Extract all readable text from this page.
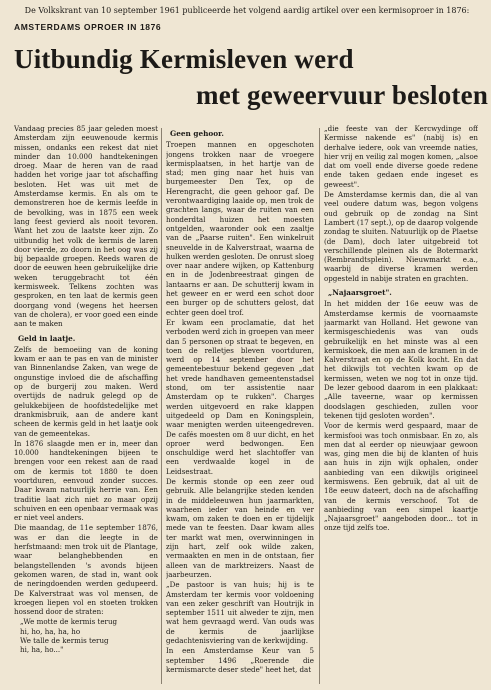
De Volkskrant van 10 september 1961 publiceerde het volgend aardig artikel over een kermisoproer in 1876:
AMSTERDAMS OPROER IN 1876
Uitbundig Kermisleven werd
met geweervuur besloten

Vandaag precies 85 jaar geleden moest Amsterdam zijn eeuwenoude kermis missen, ondanks een rekest dat niet minder dan 10.000 handtekeningen droeg. Maar de heren van de raad hadden het vorige jaar tot afschaffing besloten. Het was uit met de Amsterdamse kermis. En als om te demonstreren hoe de kermis leefde in de bevolking, was in 1875 een week lang feest gevierd als nooit tevoren. Want het zou de laatste keer zijn. Zo uitbundig het volk de kermis de laren door vierde, zo doorn in het oog was zij bij bepaalde groepen. Reeds waren de door de eeuwen heen gebruikelijke drie weken teruggebracht tot één kermisweek. Telkens zochten was gesproken, en ten laat de kermis geen doorgang vond (wegens het heersen van de cholera), er voor goed een einde aan te maken

Geld in laatje.

Zelfs de bemoeiing van de koning kwam er aan te pas en van de minister van Binnenlandse Zaken, van wege de ongunstige invloed die de afschaffing op de burgerij zou maken. Werd overtijds de nadruk gelegd op de gelukkebijeen de hoofdstedelijke met drankmisbruik, aan de andere kant scheen de kermis geld in het laatje ook van de gemeentekas.

In 1876 slaagde men er in, meer dan 10.000 handtekeningen bijeen te brengen voor een rekest aan de raad om de kermis tot 1880 te doen voortduren, eenvoud zonder succes. Daar kwam natuurlijk herrie van. Een traditie laat zich niet zo maar opzij schuiven en een openbaar vermaak was er niet veel anders.

Die maandag, de 11e september 1876, was er dan die leegte in de herfstmaand: men trok uit de Plantage, waar belanghebbenden en belangstellenden 's avonds bijeen gekomen waren, de stad in, want ook de neringdoenden werden gedupeerd. De Kalverstraat was vol mensen, de kroegen liepen vol en stoeten trokken hossend door de straten:

„We motte de kermis terug

hi, ho, ha, ha, ho

We talle de kermis terug

hi, ha, ho..."

Geen gehoor.

Troepen mannen en opgeschoten jongens trokken naar de vroegere kermisplaatsen, in het hartje van de stad; men ging naar het huis van burgemeester Den Tex, op de Herengracht, die geen gehoor gaf. De verontwaardiging laaide op, men trok de grachten langs, waar de ruiten van een honderdtal huizen het moesten ontgelden, waaronder ook een zaaltje van de „Paarse ruiten". Een winkelruit sneuvelde in de Kalverstraat, waarna de hulken werden gesloten. De onrust sloeg over naar andere wijken, op Kattenburg en in de Jodenbreestraat gingen de lantaarns er aan. De schutterij kwam in het geweer en er werd een schot door een burger op de schutters gelost, dat echter geen doel trof.

Er kwam een proclamatie, dat het verboden werd zich in groepen van meer dan 5 personen op straat te begeven, en toen de relletjes bleven voortduren, werd op 14 september door het gemeentebestuur bekend gegeven „dat het vrede handhaven gemeentenstadsel stond, om ter assistentie naar Amsterdam op te rukken". Charges werden uitgevoerd en rake klappen uitgedeeld op Dam en Koningsplein, waar menigten werden uiteengedreven. De cafés moesten om 8 uur dicht, en het oproer werd bedwongen. Een onschuldige werd het slachtoffer van een verdwaalde kogel in de Leidsestraat.

De kermis stonde op een zeer oud gebruik. Alle belangrijke steden kenden in de middeleeuwen hun jaarmarkten, waarheen ieder van heinde en ver kwam, om zaken te doen en er tijdelijk mede van te feesten. Daar kwam alles ter markt wat men, overwinningen in zijn hart, zelf ook wilde zaken, vermaakten en men in de ontstaan, fier alleen van de marktreizers. Naast de jaarbeurzen.

„De pastoor is van huis; hij is te Amsterdam ter kermis voor voldoening van een zeker geschrift van Houtrijk in september 1511 uit alweder te zijn, men wat hem gevraagd werd. Van ouds was de kermis de jaarlijkse gedachtenisviering van de kerkwijding.

In een Amsterdamse Keur van 5 september 1496 „Roerende die kermismarcte deser stede" heet het, dat

„die feeste van der Kercwydinge off Kermisse nakende es" (nabij is) en derhalve iedere, ook van vreemde naties, hier vrij en veilig zal mogen komen, „alsoe dat om voell ende diverse goede redene ende taken gedaen ende ingeset es geweest".

De Amsterdamse kermis dan, die al van veel oudere datum was, begon volgens oud gebruik op de zondag na Sint Lambert (17 sept.), op de daarop volgende zondag te sluiten. Natuurlijk op de Plaetse (de Dam), doch later uitgebreid tot verschillende pleinen als de Botermarkt (Rembrandtsplein). Nieuwmarkt e.a., waarbij de diverse kramen werden opgesteld in nabije straten en grachten.

„Najaarsgroet".

In het midden der 16e eeuw was de Amsterdamse kermis de voornaamste jaarmarkt van Holland. Het gewone van kermisgeschiedenis was van ouds gebruikelijk en het minste was al een kermiskoek, die men aan de kramen in de Kalverstraat en op de Kolk kocht. En dat het dikwijls tot vechten kwam op de kermissen, weten we nog tot in onze tijd. De lezer gebood daarom in een plakkaat: „Alle taveerne, waar op kermissen doodslagen geschieden, zullen voor tekenen tijd gesloten worden".

Voor de kermis werd gespaard, maar de kermisfooi was toch onmisbaar. En zo, als men dat al eerder op nieuwjaar gewoon was, ging men die bij de klanten of huis aan huis in zijn wijk ophalen, onder aanbieding van een dikwijls origineel kermiswens. Een gebruik, dat al uit de 18e eeuw dateert, doch na de afschaffing van de kermis verschoof. Tot de aanbieding van een simpel kaartje „Najaarsgroet" aangeboden door... tot in onze tijd zelfs toe.
